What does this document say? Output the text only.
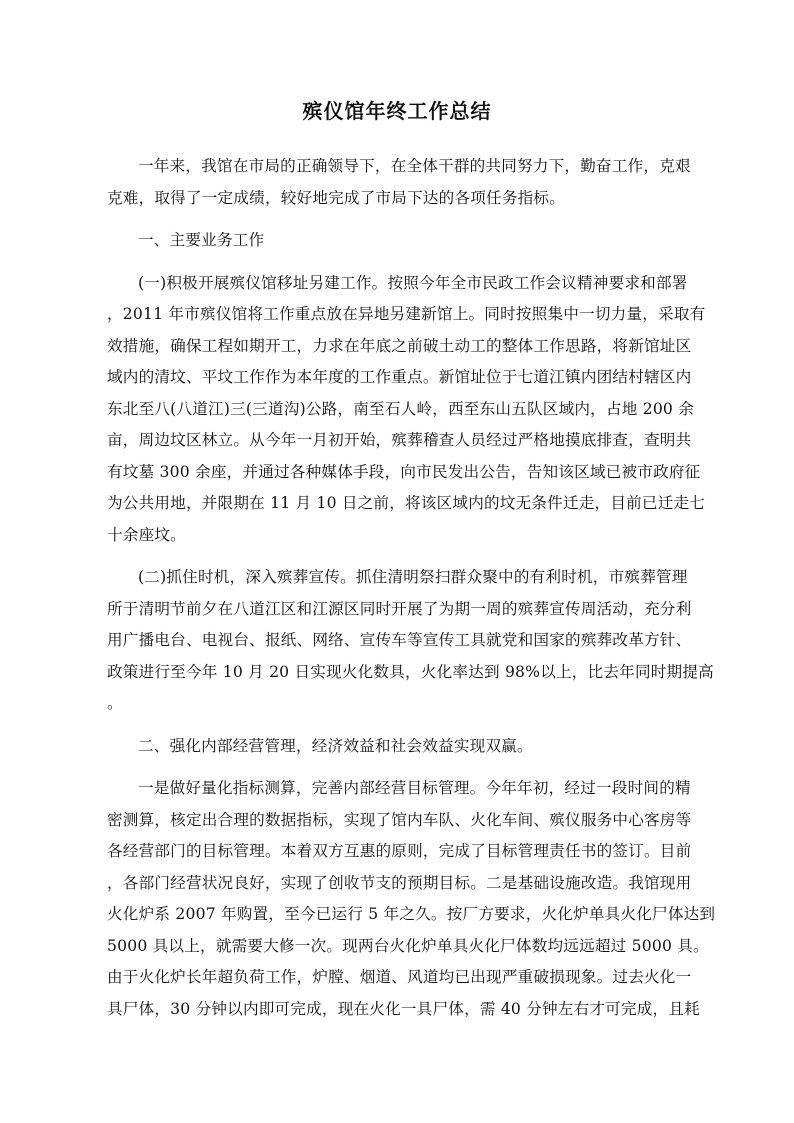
殡仪馆年终工作总结
一年来，我馆在市局的正确领导下，在全体干群的共同努力下，勤奋工作，克艰
克难，取得了一定成绩，较好地完成了市局下达的各项任务指标。
一、主要业务工作
(一)积极开展殡仪馆移址另建工作。按照今年全市民政工作会议精神要求和部署
，2011 年市殡仪馆将工作重点放在异地另建新馆上。同时按照集中一切力量，采取有
效措施，确保工程如期开工，力求在年底之前破土动工的整体工作思路，将新馆址区
域内的清坟、平坟工作作为本年度的工作重点。新馆址位于七道江镇内团结村辖区内
东北至八(八道江)三(三道沟)公路，南至石人岭，西至东山五队区域内，占地 200 余
亩，周边坟区林立。从今年一月初开始，殡葬稽查人员经过严格地摸底排查，查明共
有坟墓 300 余座，并通过各种媒体手段，向市民发出公告，告知该区域已被市政府征
为公共用地，并限期在 11 月 10 日之前，将该区域内的坟无条件迁走，目前已迁走七
十余座坟。
(二)抓住时机，深入殡葬宣传。抓住清明祭扫群众聚中的有利时机，市殡葬管理
所于清明节前夕在八道江区和江源区同时开展了为期一周的殡葬宣传周活动，充分利
用广播电台、电视台、报纸、网络、宣传车等宣传工具就党和国家的殡葬改革方针、
政策进行至今年 10 月 20 日实现火化数具，火化率达到 98%以上，比去年同时期提高
。
二、强化内部经营管理，经济效益和社会效益实现双赢。
一是做好量化指标测算，完善内部经营目标管理。今年年初，经过一段时间的精
密测算，核定出合理的数据指标，实现了馆内车队、火化车间、殡仪服务中心客房等
各经营部门的目标管理。本着双方互惠的原则，完成了目标管理责任书的签订。目前
，各部门经营状况良好，实现了创收节支的预期目标。二是基础设施改造。我馆现用
火化炉系 2007 年购置，至今已运行 5 年之久。按厂方要求，火化炉单具火化尸体达到
5000 具以上，就需要大修一次。现两台火化炉单具火化尸体数均远远超过 5000 具。
由于火化炉长年超负荷工作，炉膛、烟道、风道均已出现严重破损现象。过去火化一
具尸体，30 分钟以内即可完成，现在火化一具尸体，需 40 分钟左右才可完成，且耗
